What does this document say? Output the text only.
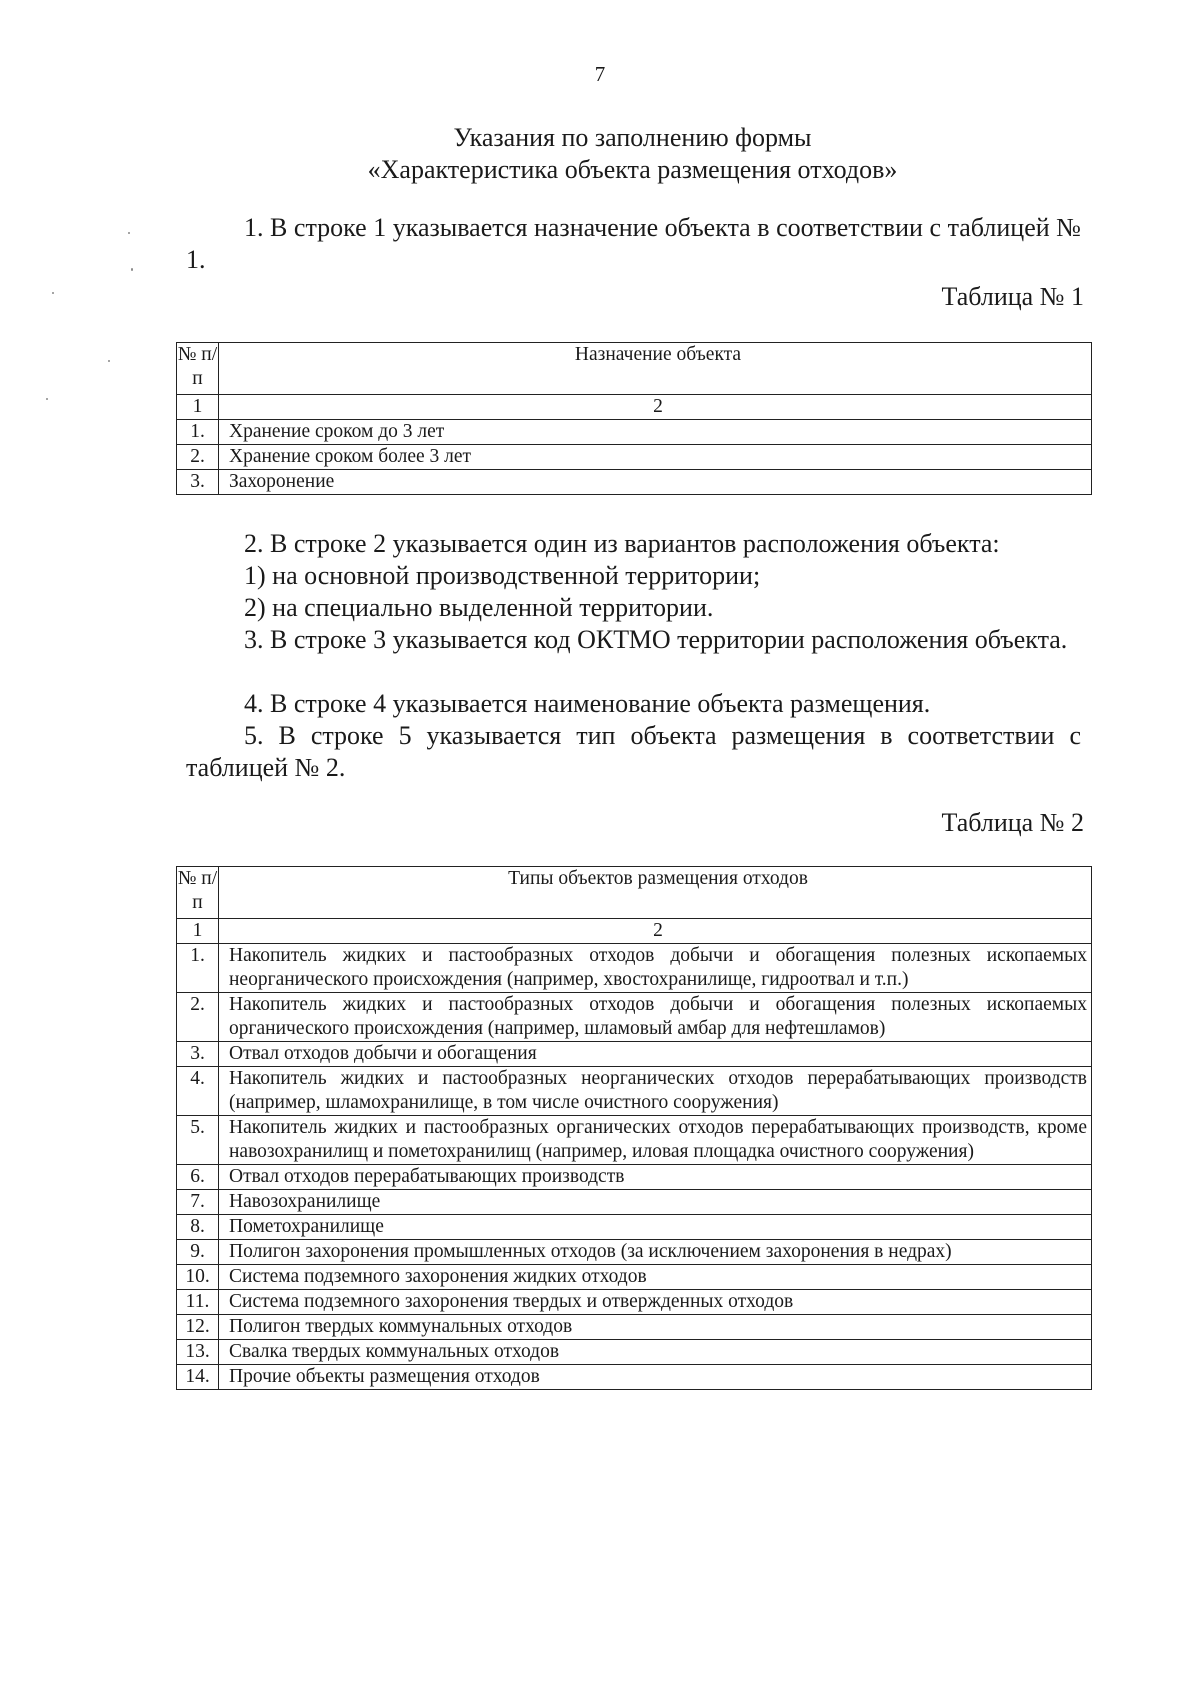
7
Указания по заполнению формы
«Характеристика объекта размещения отходов»

1. В строке 1 указывается назначение объекта в соответствии с таблицей № 1.

Таблица № 1
№ п/п	Назначение объекта
1	2
1.	Хранение сроком до 3 лет
2.	Хранение сроком более 3 лет
3.	Захоронение

2. В строке 2 указывается один из вариантов расположения объекта:

1) на основной производственной территории;

2) на специально выделенной территории.

3. В строке 3 указывается код ОКТМО территории расположения объекта.

4. В строке 4 указывается наименование объекта размещения.

5. В строке 5 указывается тип объекта размещения в соответствии с таблицей № 2.

Таблица № 2
№ п/п	Типы объектов размещения отходов
1	2
1.	Накопитель жидких и пастообразных отходов добычи и обогащения полезных ископаемых неорганического происхождения (например, хвостохранилище, гидроотвал и т.п.)
2.	Накопитель жидких и пастообразных отходов добычи и обогащения полезных ископаемых органического происхождения (например, шламовый амбар для нефтешламов)
3.	Отвал отходов добычи и обогащения
4.	Накопитель жидких и пастообразных неорганических отходов перерабатывающих производств (например, шламохранилище, в том числе очистного сооружения)
5.	Накопитель жидких и пастообразных органических отходов перерабатывающих производств, кроме навозохранилищ и пометохранилищ (например, иловая площадка очистного сооружения)
6.	Отвал отходов перерабатывающих производств
7.	Навозохранилище
8.	Пометохранилище
9.	Полигон захоронения промышленных отходов (за исключением захоронения в недрах)
10.	Система подземного захоронения жидких отходов
11.	Система подземного захоронения твердых и отвержденных отходов
12.	Полигон твердых коммунальных отходов
13.	Свалка твердых коммунальных отходов
14.	Прочие объекты размещения отходов
